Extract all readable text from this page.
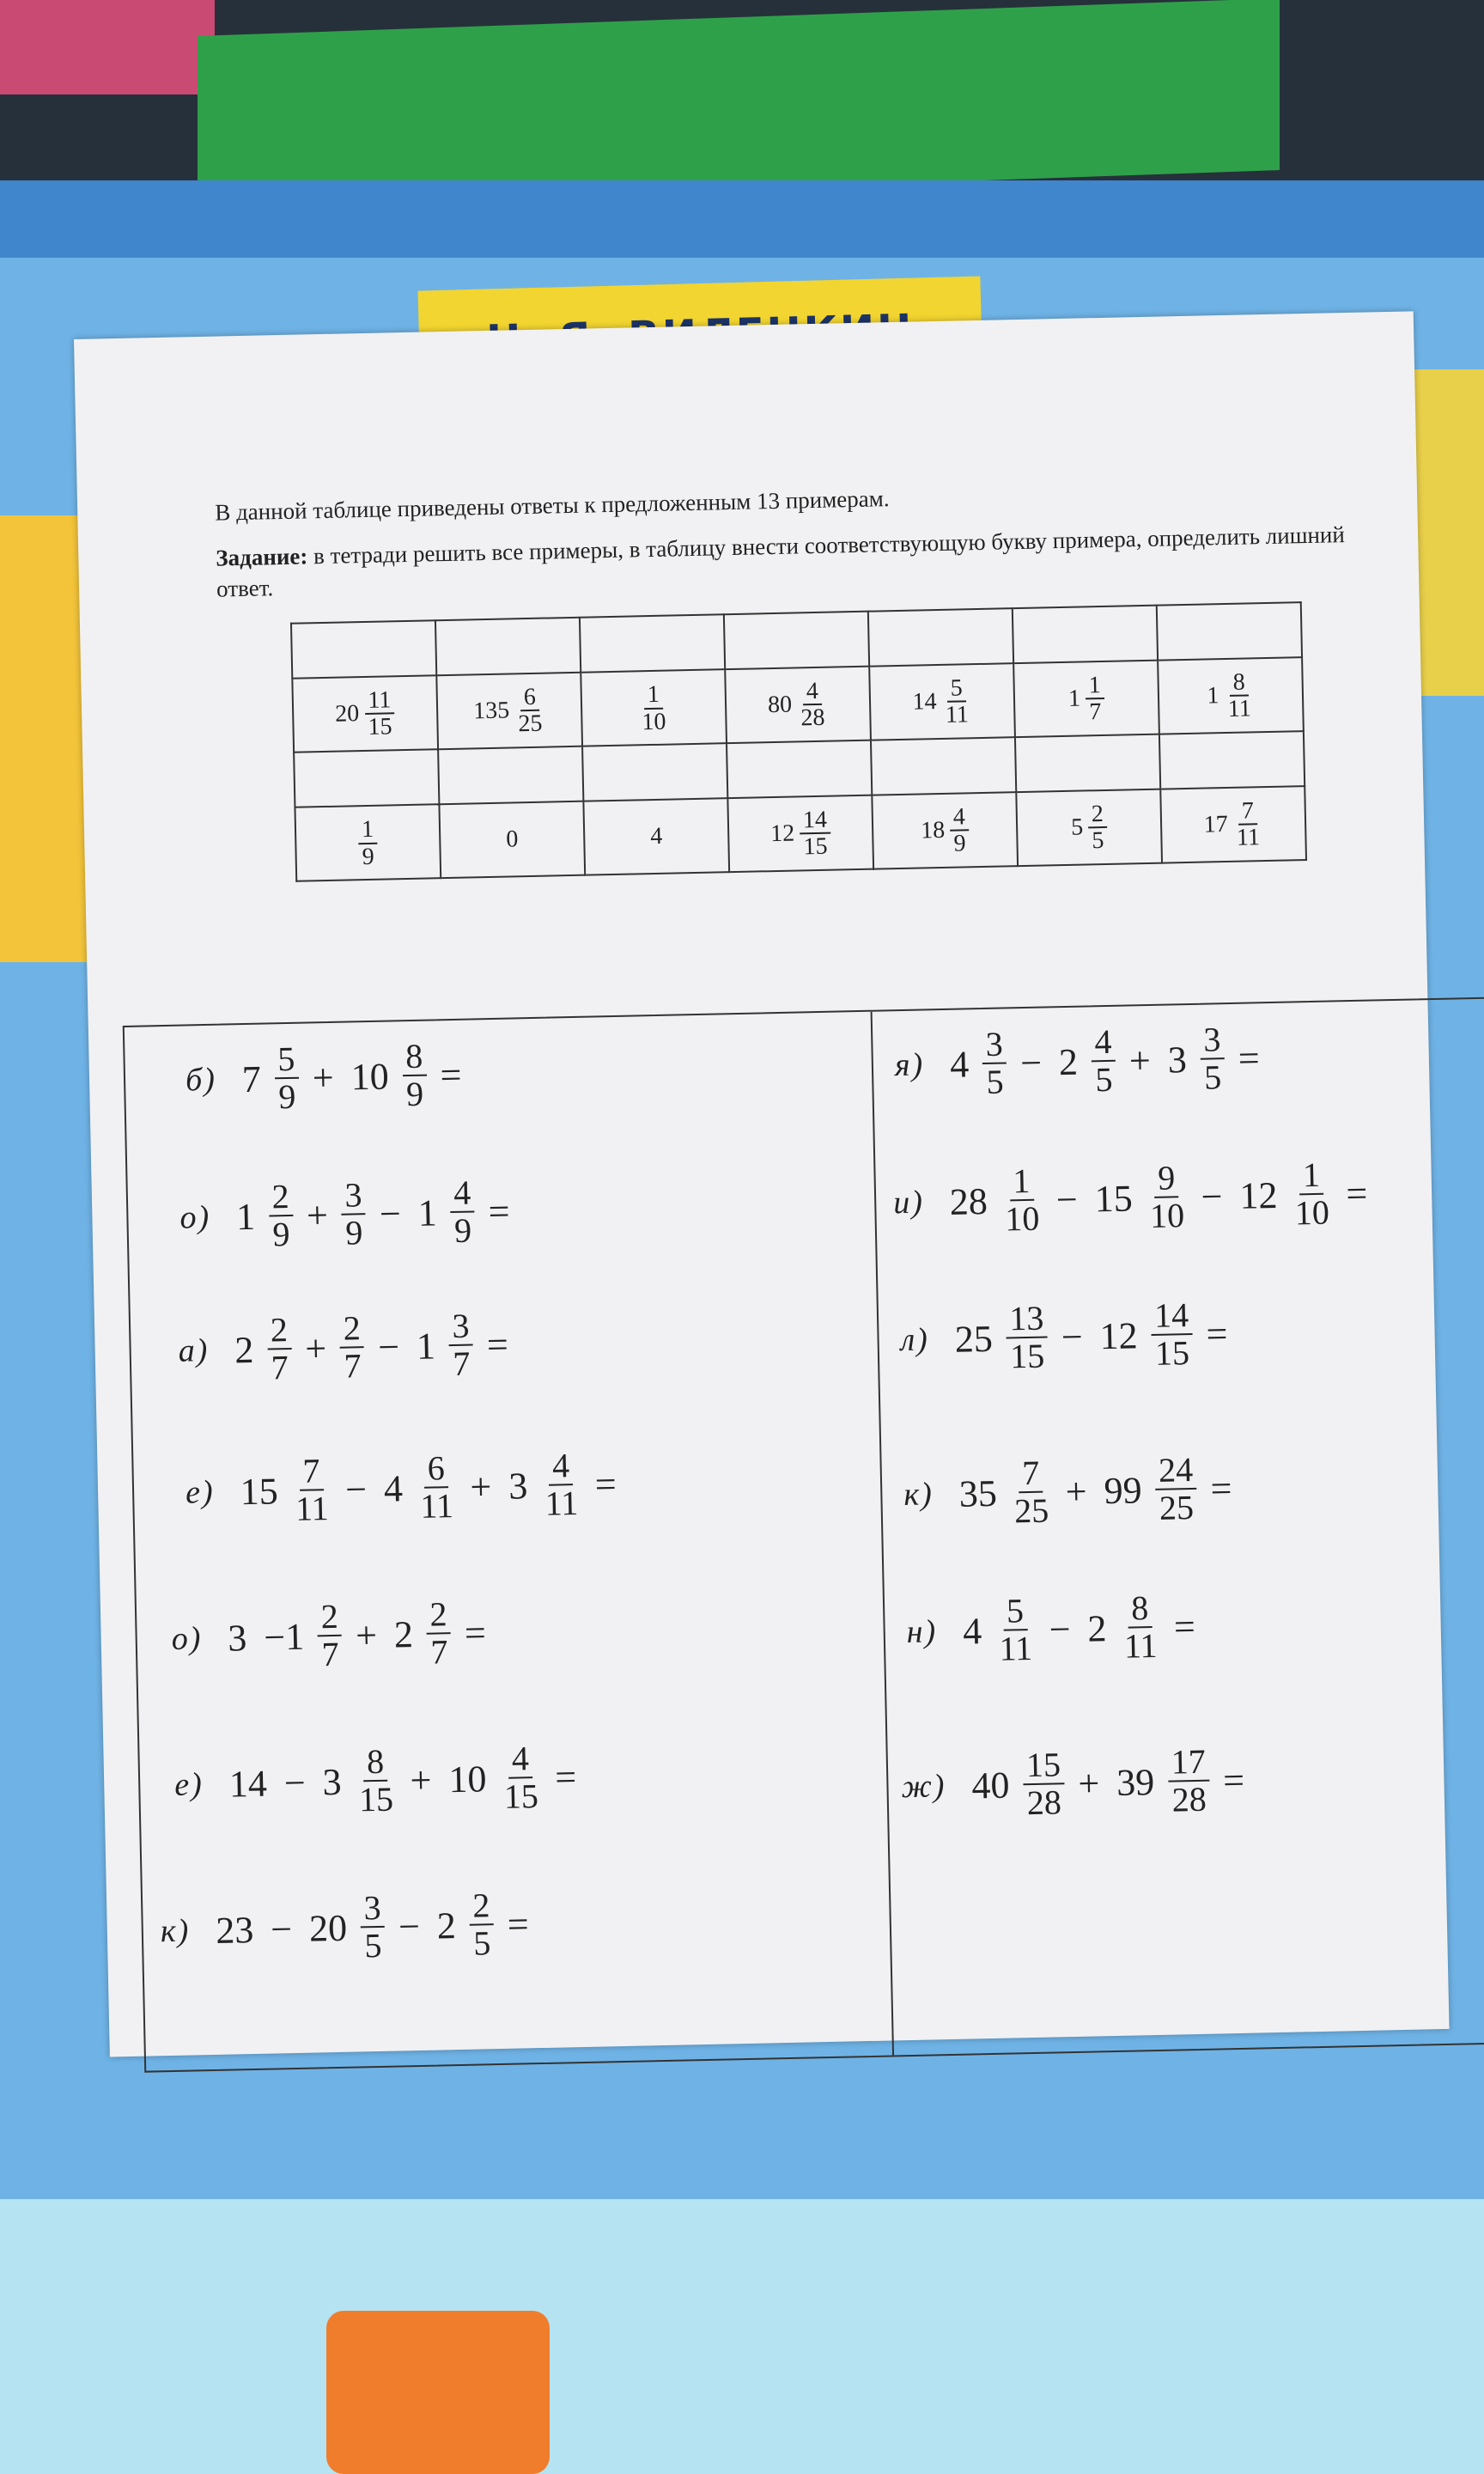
В данной таблице приведены ответы к предложенным 13 примерам.
Задание: в тетради решить все примеры, в таблицу внести соответствующую букву примера, определить лишний ответ.

$20 \frac{11}{15}$	$135 \frac{6}{25}$	$\frac{1}{10}$	$80 \frac{4}{28}$	$14 \frac{5}{11}$	$1 \frac{1}{7}$	$1 \frac{8}{11}$

$\frac{1}{9}$	0	4	$12 \frac{14}{15}$	$18 \frac{4}{9}$	$5 \frac{2}{5}$	$17 \frac{7}{11}$
б) $7 \frac{5}{9} + 10 \frac{8}{9}$ =
о) $1 \frac{2}{9} + \frac{3}{9} - 1 \frac{4}{9}$ =
а) $2 \frac{2}{7} + \frac{2}{7} - 1 \frac{3}{7}$ =
е) $15 \frac{7}{11} - 4 \frac{6}{11} + 3 \frac{4}{11}$ =
о) $3 -1 \frac{2}{7} + 2 \frac{2}{7}$ =
е) $14 - 3 \frac{8}{15} + 10 \frac{4}{15}$ =
к) $23 - 20 \frac{3}{5} - 2 \frac{2}{5}$ =
я) $4 \frac{3}{5} - 2 \frac{4}{5} + 3 \frac{3}{5}$ =
и) $28 \frac{1}{10} - 15 \frac{9}{10} - 12 \frac{1}{10}$ =
л) $25 \frac{13}{15} - 12 \frac{14}{15}$ =
к) $35 \frac{7}{25} + 99 \frac{24}{25}$ =
н) $4 \frac{5}{11} - 2 \frac{8}{11}$ =
ж) $40 \frac{15}{28} + 39 \frac{17}{28}$ =
